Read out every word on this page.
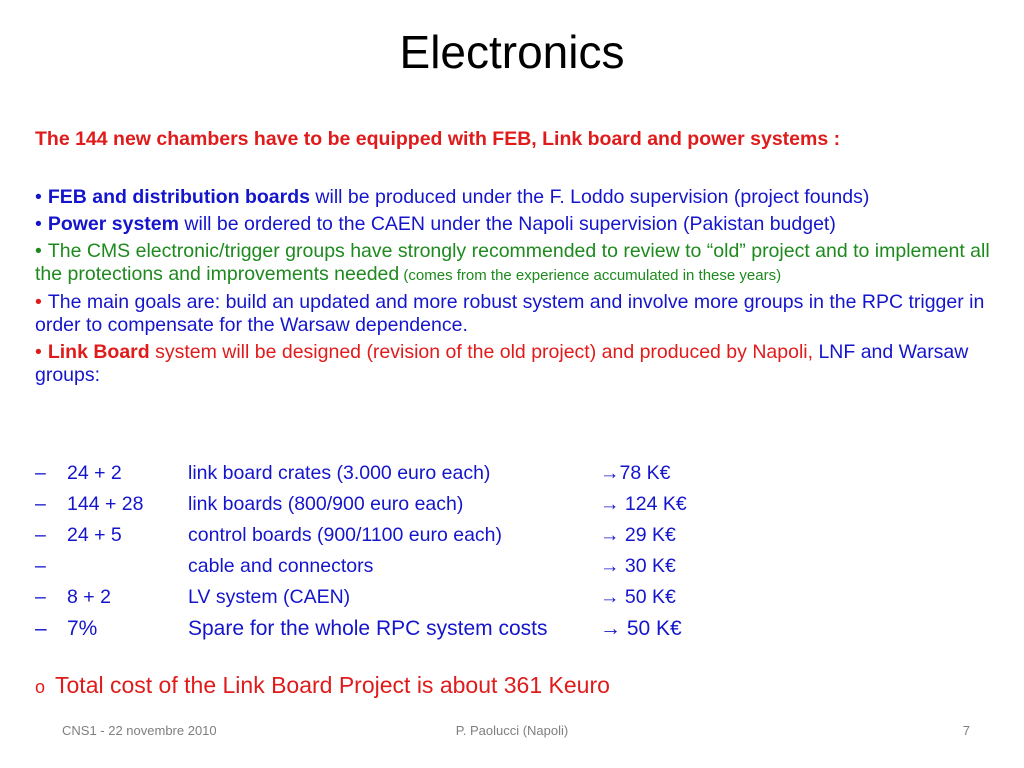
Electronics
The 144 new chambers have to be equipped with FEB, Link board and power systems :
• FEB and distribution boards will be produced under the F. Loddo supervision (project founds)
• Power system will be ordered to the CAEN under the Napoli supervision (Pakistan budget)
• The CMS electronic/trigger groups have strongly recommended to review to “old” project and to implement all the protections and improvements needed (comes from the experience accumulated in these years)
• The main goals are: build an updated and more robust system and involve more groups in the RPC trigger in order to compensate for the Warsaw dependence.
• Link Board system will be designed (revision of the old project) and produced by Napoli, LNF and Warsaw groups:
– 24 + 2	link board crates (3.000 euro each)	→78 K€
– 144 + 28 link boards (800/900 euro each)	→ 124 K€
– 24 + 5	control boards (900/1100 euro each)	→ 29 K€
–	cable and connectors	→ 30 K€
– 8 + 2	LV system (CAEN)	→ 50 K€
– 7%	Spare for the whole RPC system costs	→ 50 K€
o Total cost of the Link Board Project is about 361 Keuro
CNS1 - 22 novembre 2010	P. Paolucci (Napoli)	7
